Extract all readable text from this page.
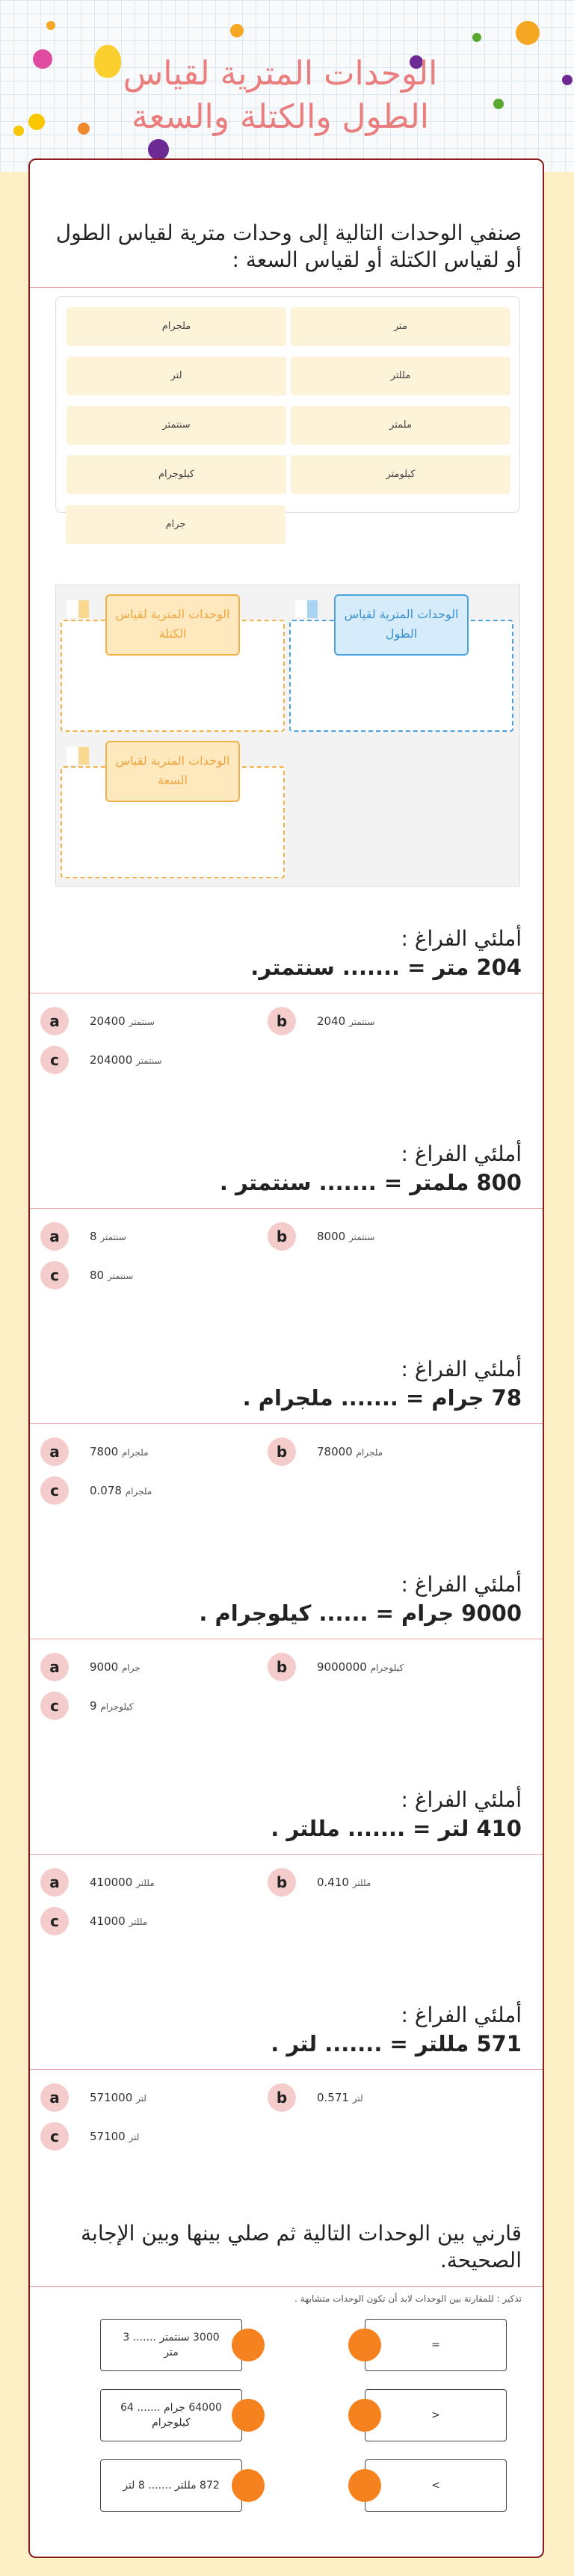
الوحدات المترية لقياس الطول والكتلة والسعة
صنفي الوحدات التالية إلى وحدات مترية لقياس الطول أو لقياس الكتلة أو لقياس السعة :
متر
ملجرام
مللتر
لتر
ملمتر
سنتمتر
كيلومتر
كيلوجرام
جرام
الوحدات المترية لقياس الطول
الوحدات المترية لقياس الكتلة
الوحدات المترية لقياس السعة
أملئي الفراغ :
204 متر = ....... سنتمتر.
أملئي الفراغ :
800 ملمتر = ....... سنتمتر .
أملئي الفراغ :
78 جرام = ....... ملجرام .
أملئي الفراغ :
9000 جرام = ...... كيلوجرام .
أملئي الفراغ :
410 لتر = ....... مللتر .
أملئي الفراغ :
571 مللتر = ....... لتر .
a	20400 سنتمتر	b	2040 سنتمتر
c	204000 سنتمتر
a	8 سنتمتر	b	8000 سنتمتر
c	80 سنتمتر
a	7800 ملجرام	b	78000 ملجرام
c	0.078 ملجرام
a	9000 جرام	b	9000000 كيلوجرام
c	9 كيلوجرام
a	410000 مللتر	b	0.410 مللتر
c	41000 مللتر
a	571000 لتر	b	0.571 لتر
c	57100 لتر
قارني بين الوحدات التالية ثم صلي بينها وبين الإجابة الصحيحة.
تذكير : للمقارنة بين الوحدات لابد أن تكون الوحدات متشابهة .
=
>
<
3000 سنتمتر ....... 3 متر
64000 جرام ....... 64 كيلوجرام
872 مللتر ....... 8 لتر
